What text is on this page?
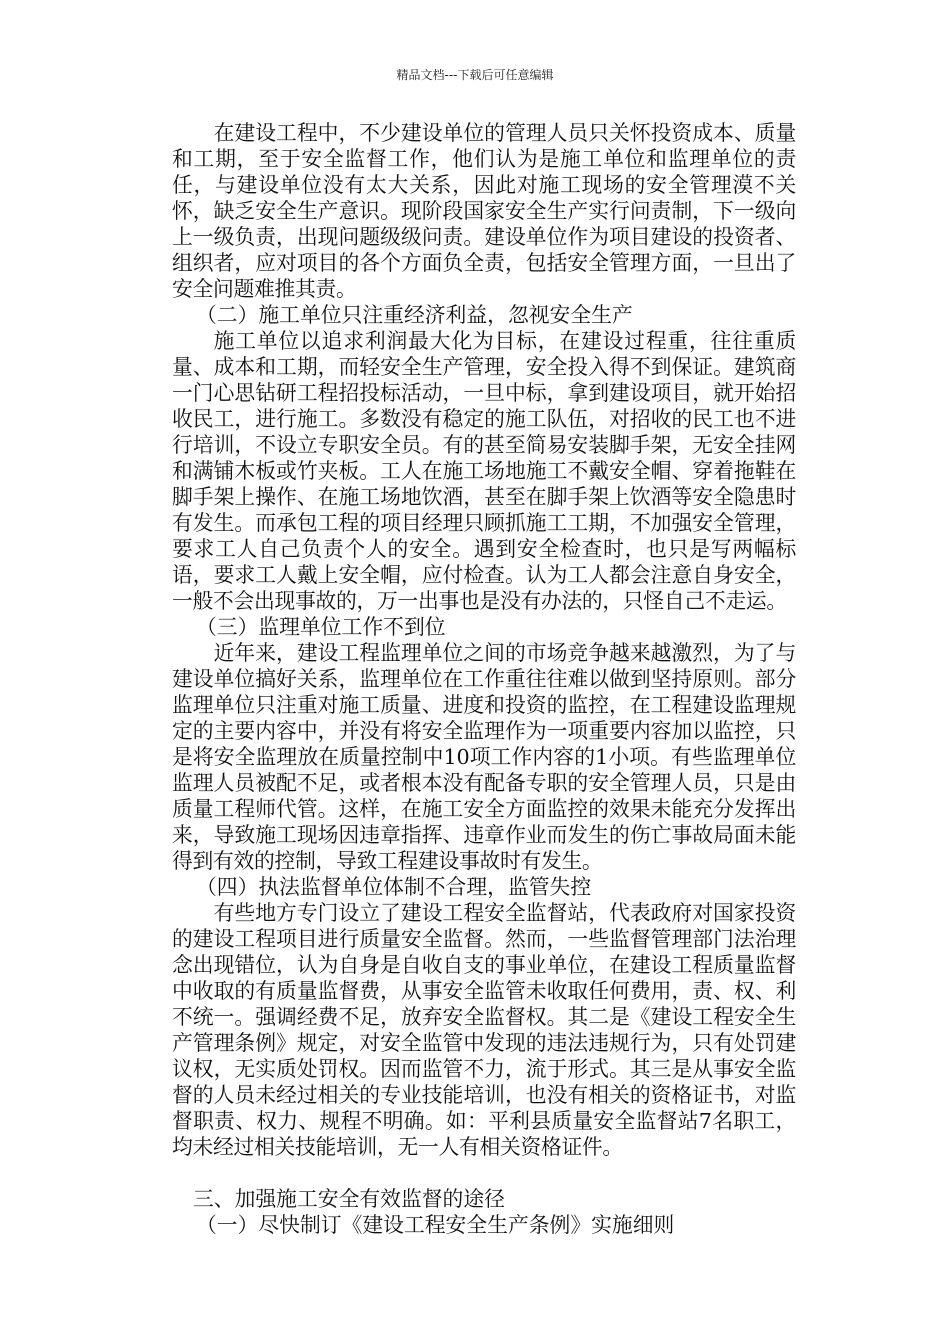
精品文档---下载后可任意编辑

在建设工程中，不少建设单位的管理人员只关怀投资成本、质量和工期，至于安全监督工作，他们认为是施工单位和监理单位的责任，与建设单位没有太大关系，因此对施工现场的安全管理漠不关怀，缺乏安全生产意识。现阶段国家安全生产实行问责制，下一级向上一级负责，出现问题级级问责。建设单位作为项目建设的投资者、组织者，应对项目的各个方面负全责，包括安全管理方面，一旦出了安全问题难推其责。

（二）施工单位只注重经济利益，忽视安全生产

施工单位以追求利润最大化为目标，在建设过程重，往往重质量、成本和工期，而轻安全生产管理，安全投入得不到保证。建筑商一门心思钻研工程招投标活动，一旦中标，拿到建设项目，就开始招收民工，进行施工。多数没有稳定的施工队伍，对招收的民工也不进行培训，不设立专职安全员。有的甚至简易安装脚手架，无安全挂网和满铺木板或竹夹板。工人在施工场地施工不戴安全帽、穿着拖鞋在脚手架上操作、在施工场地饮酒，甚至在脚手架上饮酒等安全隐患时有发生。而承包工程的项目经理只顾抓施工工期，不加强安全管理，要求工人自己负责个人的安全。遇到安全检查时，也只是写两幅标语，要求工人戴上安全帽，应付检查。认为工人都会注意自身安全，一般不会出现事故的，万一出事也是没有办法的，只怪自己不走运。

（三）监理单位工作不到位

近年来，建设工程监理单位之间的市场竞争越来越激烈，为了与建设单位搞好关系，监理单位在工作重往往难以做到坚持原则。部分监理单位只注重对施工质量、进度和投资的监控，在工程建设监理规定的主要内容中，并没有将安全监理作为一项重要内容加以监控，只是将安全监理放在质量控制中10项工作内容的1小项。有些监理单位监理人员被配不足，或者根本没有配备专职的安全管理人员，只是由质量工程师代管。这样，在施工安全方面监控的效果未能充分发挥出来，导致施工现场因违章指挥、违章作业而发生的伤亡事故局面未能得到有效的控制，导致工程建设事故时有发生。

（四）执法监督单位体制不合理，监管失控

有些地方专门设立了建设工程安全监督站，代表政府对国家投资的建设工程项目进行质量安全监督。然而，一些监督管理部门法治理念出现错位，认为自身是自收自支的事业单位，在建设工程质量监督中收取的有质量监督费，从事安全监管未收取任何费用，责、权、利不统一。强调经费不足，放弃安全监督权。其二是《建设工程安全生产管理条例》规定，对安全监管中发现的违法违规行为，只有处罚建议权，无实质处罚权。因而监管不力，流于形式。其三是从事安全监督的人员未经过相关的专业技能培训，也没有相关的资格证书，对监督职责、权力、规程不明确。如：平利县质量安全监督站7名职工，均未经过相关技能培训，无一人有相关资格证件。

三、加强施工安全有效监督的途径

（一）尽快制订《建设工程安全生产条例》实施细则
